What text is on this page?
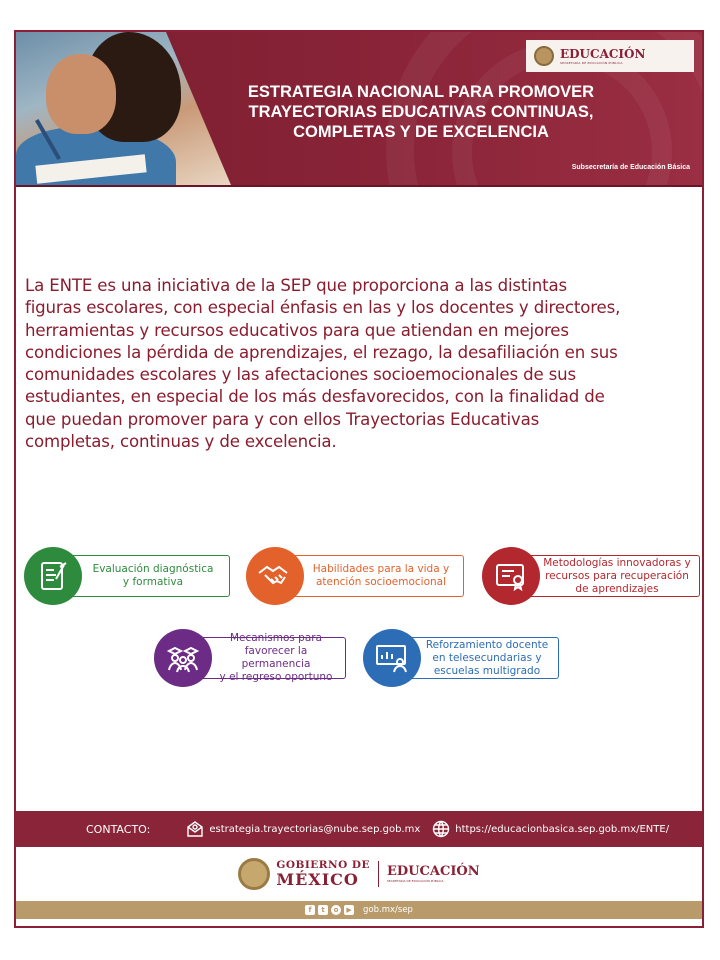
EDUCACIÓN
SECRETARÍA DE EDUCACIÓN PÚBLICA
ESTRATEGIA NACIONAL PARA PROMOVER
TRAYECTORIAS EDUCATIVAS CONTINUAS,
COMPLETAS Y DE EXCELENCIA
Subsecretaría de Educación Básica
La ENTE es una iniciativa de la SEP que proporciona a las distintas
figuras escolares, con especial énfasis en las y los docentes y directores,
herramientas y recursos educativos para que atiendan en mejores
condiciones la pérdida de aprendizajes, el rezago, la desafiliación en sus
comunidades escolares y las afectaciones socioemocionales de sus
estudiantes, en especial de los más desfavorecidos, con la finalidad de
que puedan promover para y con ellos Trayectorias Educativas
completas, continuas y de excelencia.
Evaluación diagnóstica
y formativa
Habilidades para la vida y
atención socioemocional
Metodologías innovadoras y
recursos para recuperación
de aprendizajes
Mecanismos para
favorecer la permanencia
y el regreso oportuno
Reforzamiento docente
en telesecundarias y
escuelas multigrado
CONTACTO:	estrategia.trayectorias@nube.sep.gob.mx	https://educacionbasica.sep.gob.mx/ENTE/
GOBIERNO DE
MÉXICO	EDUCACIÓN
SECRETARÍA DE EDUCACIÓN PÚBLICA
f	t	o	▶ gob.mx/sep
